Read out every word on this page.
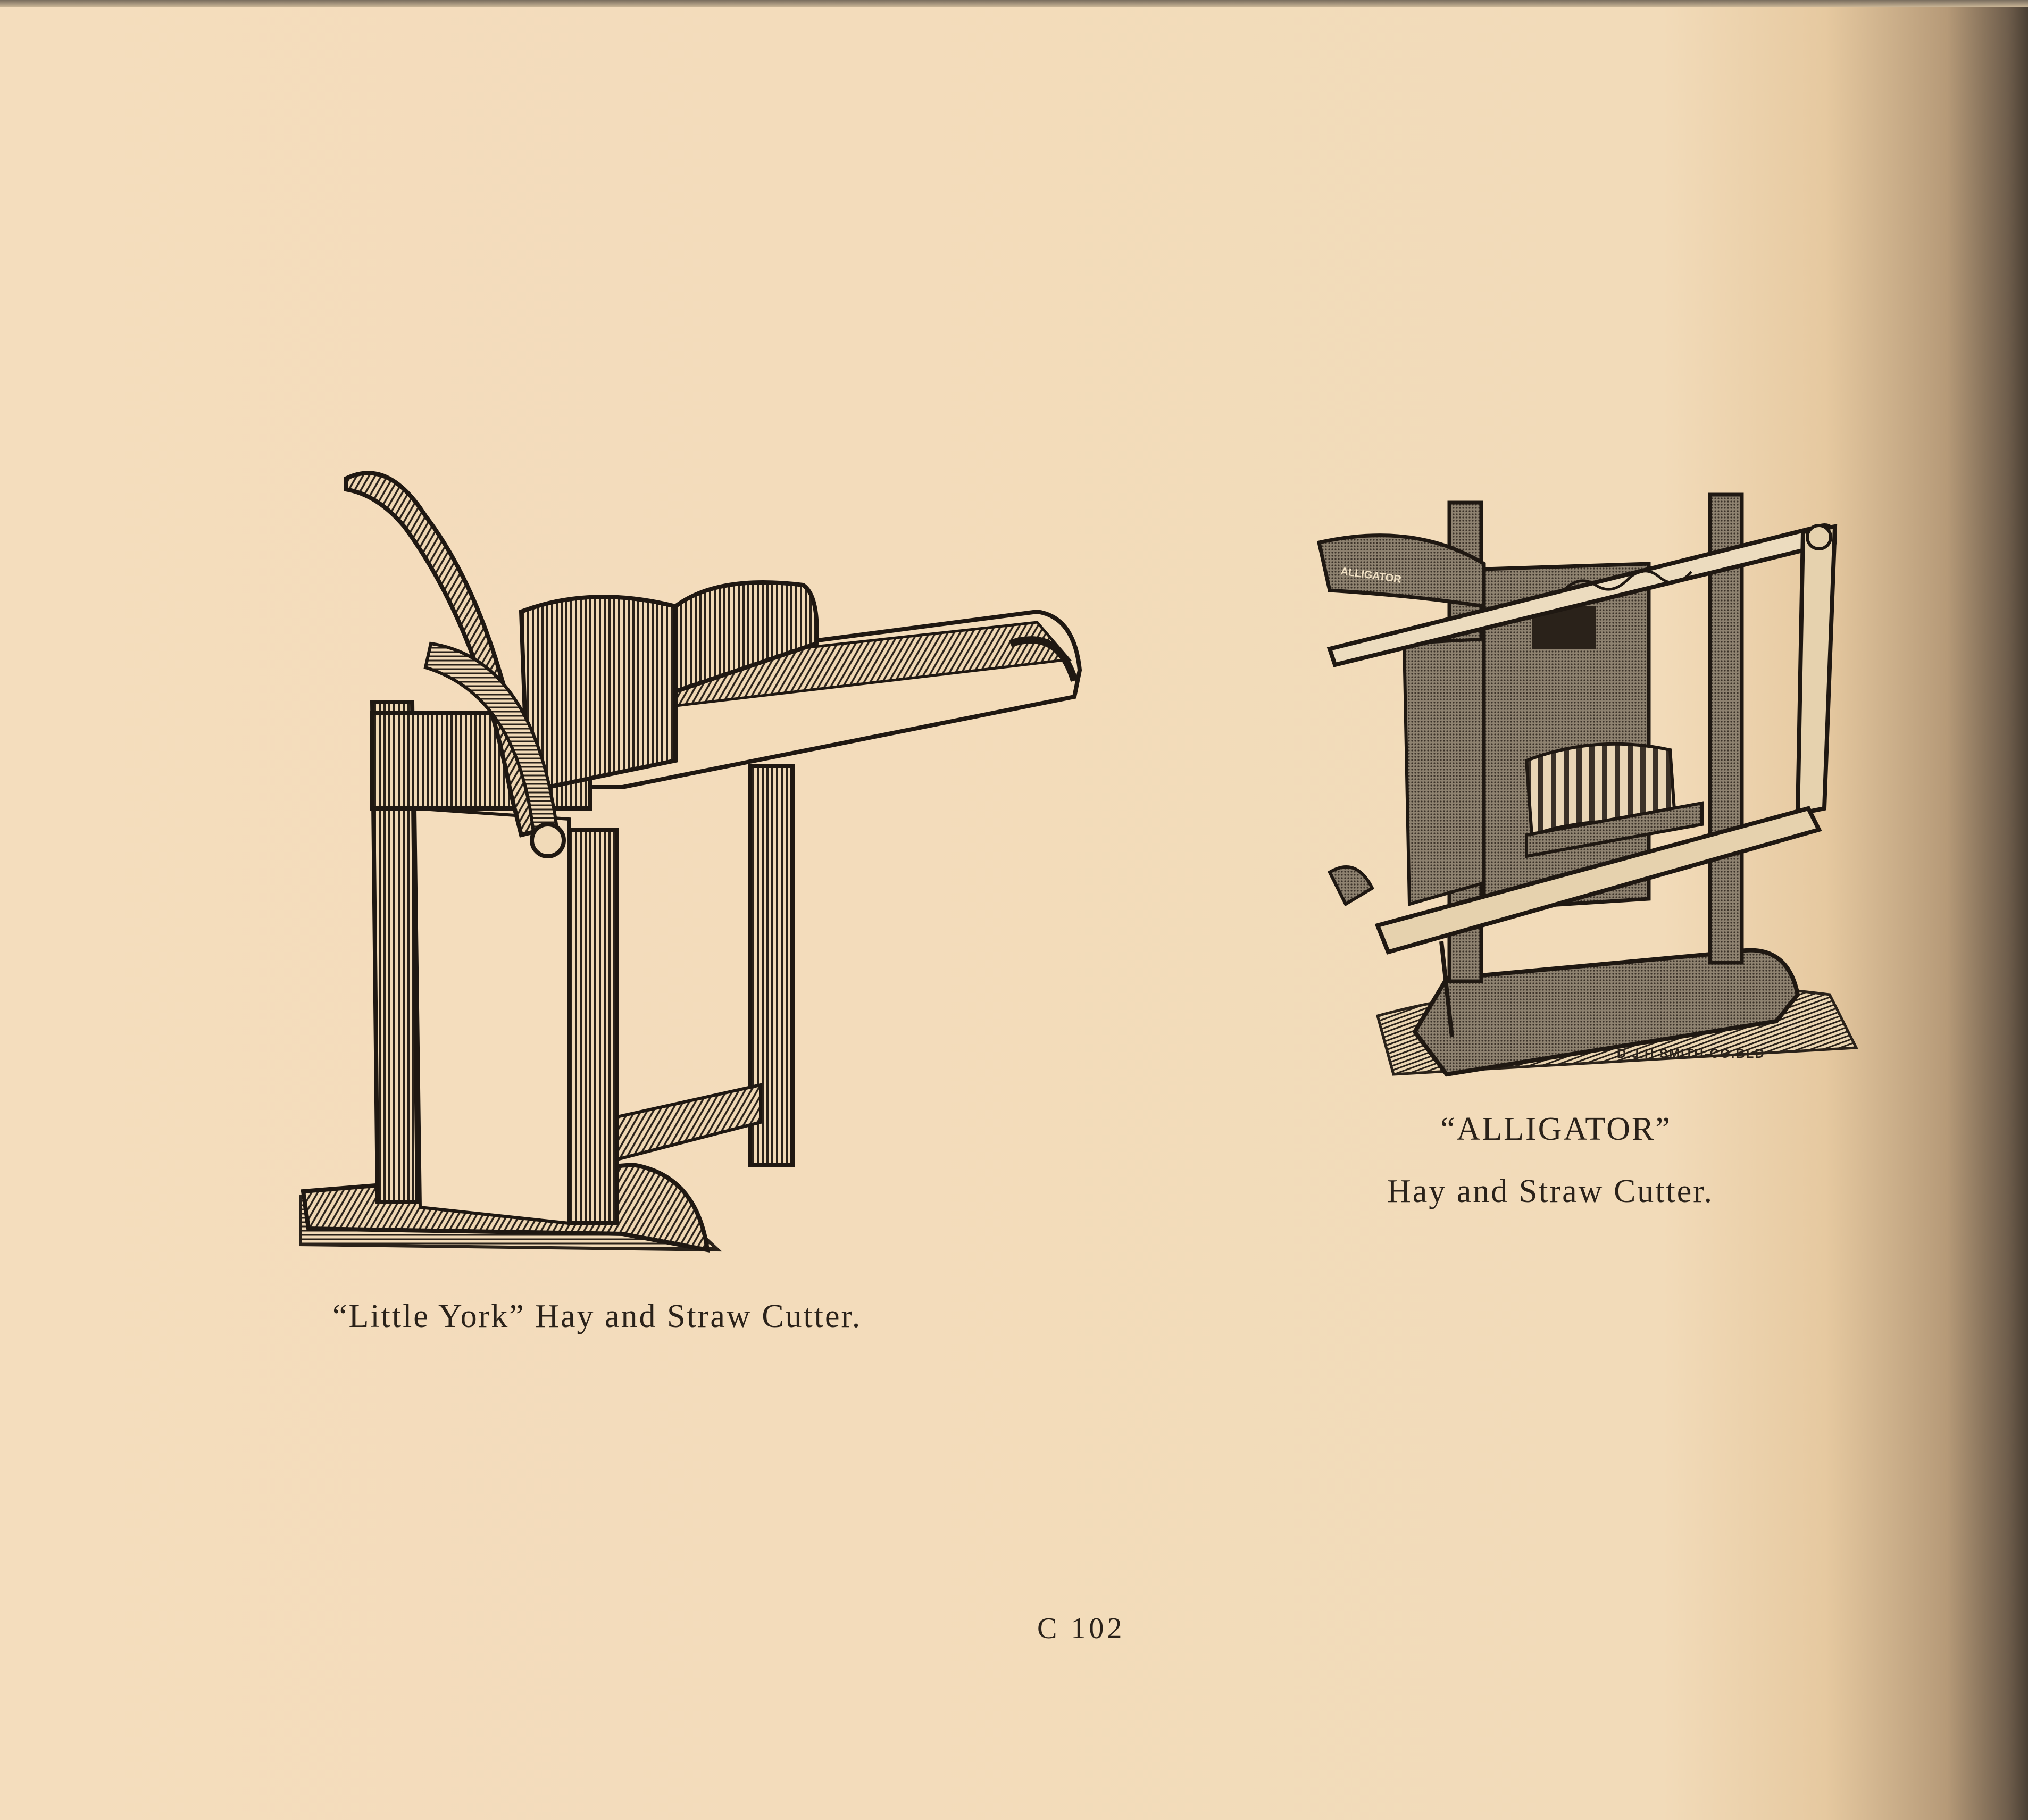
ALLIGATOR
D.J.H SMITH-CO.BLD
“Little York” Hay and Straw Cutter.
“ALLIGATOR”
Hay and Straw Cutter.
C 102
